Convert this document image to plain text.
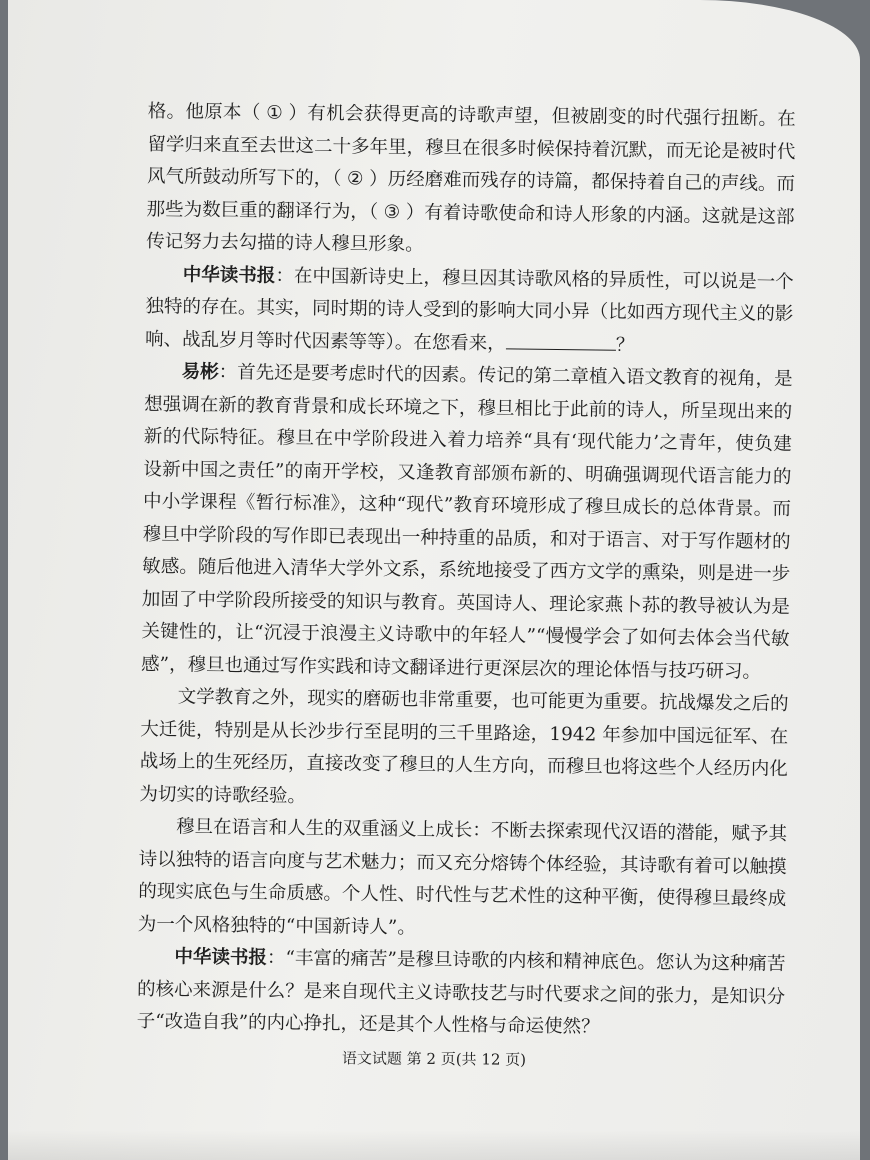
格。他原本（ ① ）有机会获得更高的诗歌声望，但被剧变的时代强行扭断。在留学归来直至去世这二十多年里，穆旦在很多时候保持着沉默，而无论是被时代风气所鼓动所写下的，（ ② ）历经磨难而残存的诗篇，都保持着自己的声线。而那些为数巨重的翻译行为，（ ③ ）有着诗歌使命和诗人形象的内涵。这就是这部传记努力去勾描的诗人穆旦形象。

中华读书报：在中国新诗史上，穆旦因其诗歌风格的异质性，可以说是一个独特的存在。其实，同时期的诗人受到的影响大同小异（比如西方现代主义的影响、战乱岁月等时代因素等等）。在您看来，	？

易彬：首先还是要考虑时代的因素。传记的第二章植入语文教育的视角，是想强调在新的教育背景和成长环境之下，穆旦相比于此前的诗人，所呈现出来的新的代际特征。穆旦在中学阶段进入着力培养“具有‘现代能力’之青年，使负建设新中国之责任”的南开学校，又逢教育部颁布新的、明确强调现代语言能力的中小学课程《暂行标准》，这种“现代”教育环境形成了穆旦成长的总体背景。而穆旦中学阶段的写作即已表现出一种持重的品质，和对于语言、对于写作题材的敏感。随后他进入清华大学外文系，系统地接受了西方文学的熏染，则是进一步加固了中学阶段所接受的知识与教育。英国诗人、理论家燕卜荪的教导被认为是关键性的，让“沉浸于浪漫主义诗歌中的年轻人”“慢慢学会了如何去体会当代敏感”，穆旦也通过写作实践和诗文翻译进行更深层次的理论体悟与技巧研习。

文学教育之外，现实的磨砺也非常重要，也可能更为重要。抗战爆发之后的大迁徙，特别是从长沙步行至昆明的三千里路途，1942 年参加中国远征军、在战场上的生死经历，直接改变了穆旦的人生方向，而穆旦也将这些个人经历内化为切实的诗歌经验。

穆旦在语言和人生的双重涵义上成长：不断去探索现代汉语的潜能，赋予其诗以独特的语言向度与艺术魅力；而又充分熔铸个体经验，其诗歌有着可以触摸的现实底色与生命质感。个人性、时代性与艺术性的这种平衡，使得穆旦最终成为一个风格独特的“中国新诗人”。

中华读书报：“丰富的痛苦”是穆旦诗歌的内核和精神底色。您认为这种痛苦的核心来源是什么？是来自现代主义诗歌技艺与时代要求之间的张力，是知识分子“改造自我”的内心挣扎，还是其个人性格与命运使然？

语文试题 第 2 页(共 12 页)
